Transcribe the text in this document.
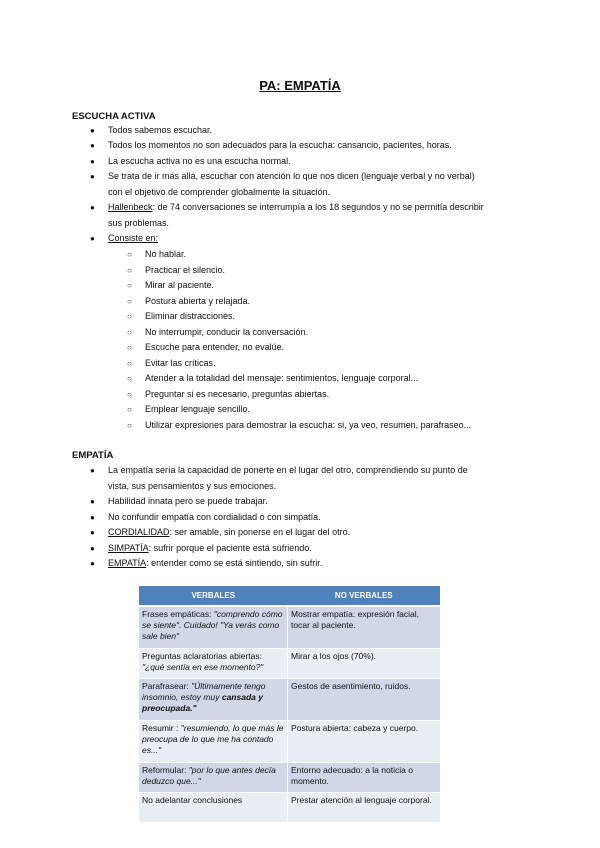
PA: EMPATÍA
ESCUCHA ACTIVA
● Todos sabemos escuchar.
● Todos los momentos no son adecuados para la escucha: cansancio, pacientes, horas.
● La escucha activa no es una escucha normal.
● Se trata de ir más allá, escuchar con atención lo que nos dicen (lenguaje verbal y no verbal)
con el objetivo de comprender globalmente la situación.
● Hallenbeck: de 74 conversaciones se interrumpía a los 18 segundos y no se permitía describir
sus problemas.
● Consiste en:
○ No hablar.
○ Practicar el silencio.
○ Mirar al paciente.
○ Postura abierta y relajada.
○ Eliminar distracciones.
○ No interrumpir, conducir la conversación.
○ Escuche para entender, no evalúe.
○ Evitar las críticas.
○ Atender a la totalidad del mensaje: sentimientos, lenguaje corporal...
○ Preguntar si es necesario, preguntas abiertas.
○ Emplear lenguaje sencillo.
○ Utilizar expresiones para demostrar la escucha: si, ya veo, resumen, parafraseo...
EMPATÍA
● La empatía sería la capacidad de ponerte en el lugar del otro, comprendiendo su punto de
vista, sus pensamientos y sus emociones.
● Habilidad innata pero se puede trabajar.
● No confundir empatía con cordialidad o con simpatía.
● CORDIALIDAD: ser amable, sin ponerse en el lugar del otro.
● SIMPATÍA: sufrir porque el paciente está sufriendo.
● EMPATÍA: entender como se está sintiendo, sin sufrir.
VERBALES	NO VERBALES
Frases empáticas: "comprendo cómo se siente". Cuidado! "Ya verás como sale bien"	Mostrar empatía: expresión facial, tocar al paciente.
Preguntas aclaratorias abiertas: "¿qué sentía en ese momento?"	Mirar a los ojos (70%).
Parafrasear: "Últimamente tengo insomnio, estoy muy cansada y preocupada."	Gestos de asentimiento, ruidos.
Resumir : "resumiendo, lo que más le preocupa de lo que me ha contado es..."	Postura abierta: cabeza y cuerpo.
Reformular: "por lo que antes decía deduzco que..."	Entorno adecuado: a la noticia o momento.
No adelantar conclusiones	Prestar atención al lenguaje corporal.
